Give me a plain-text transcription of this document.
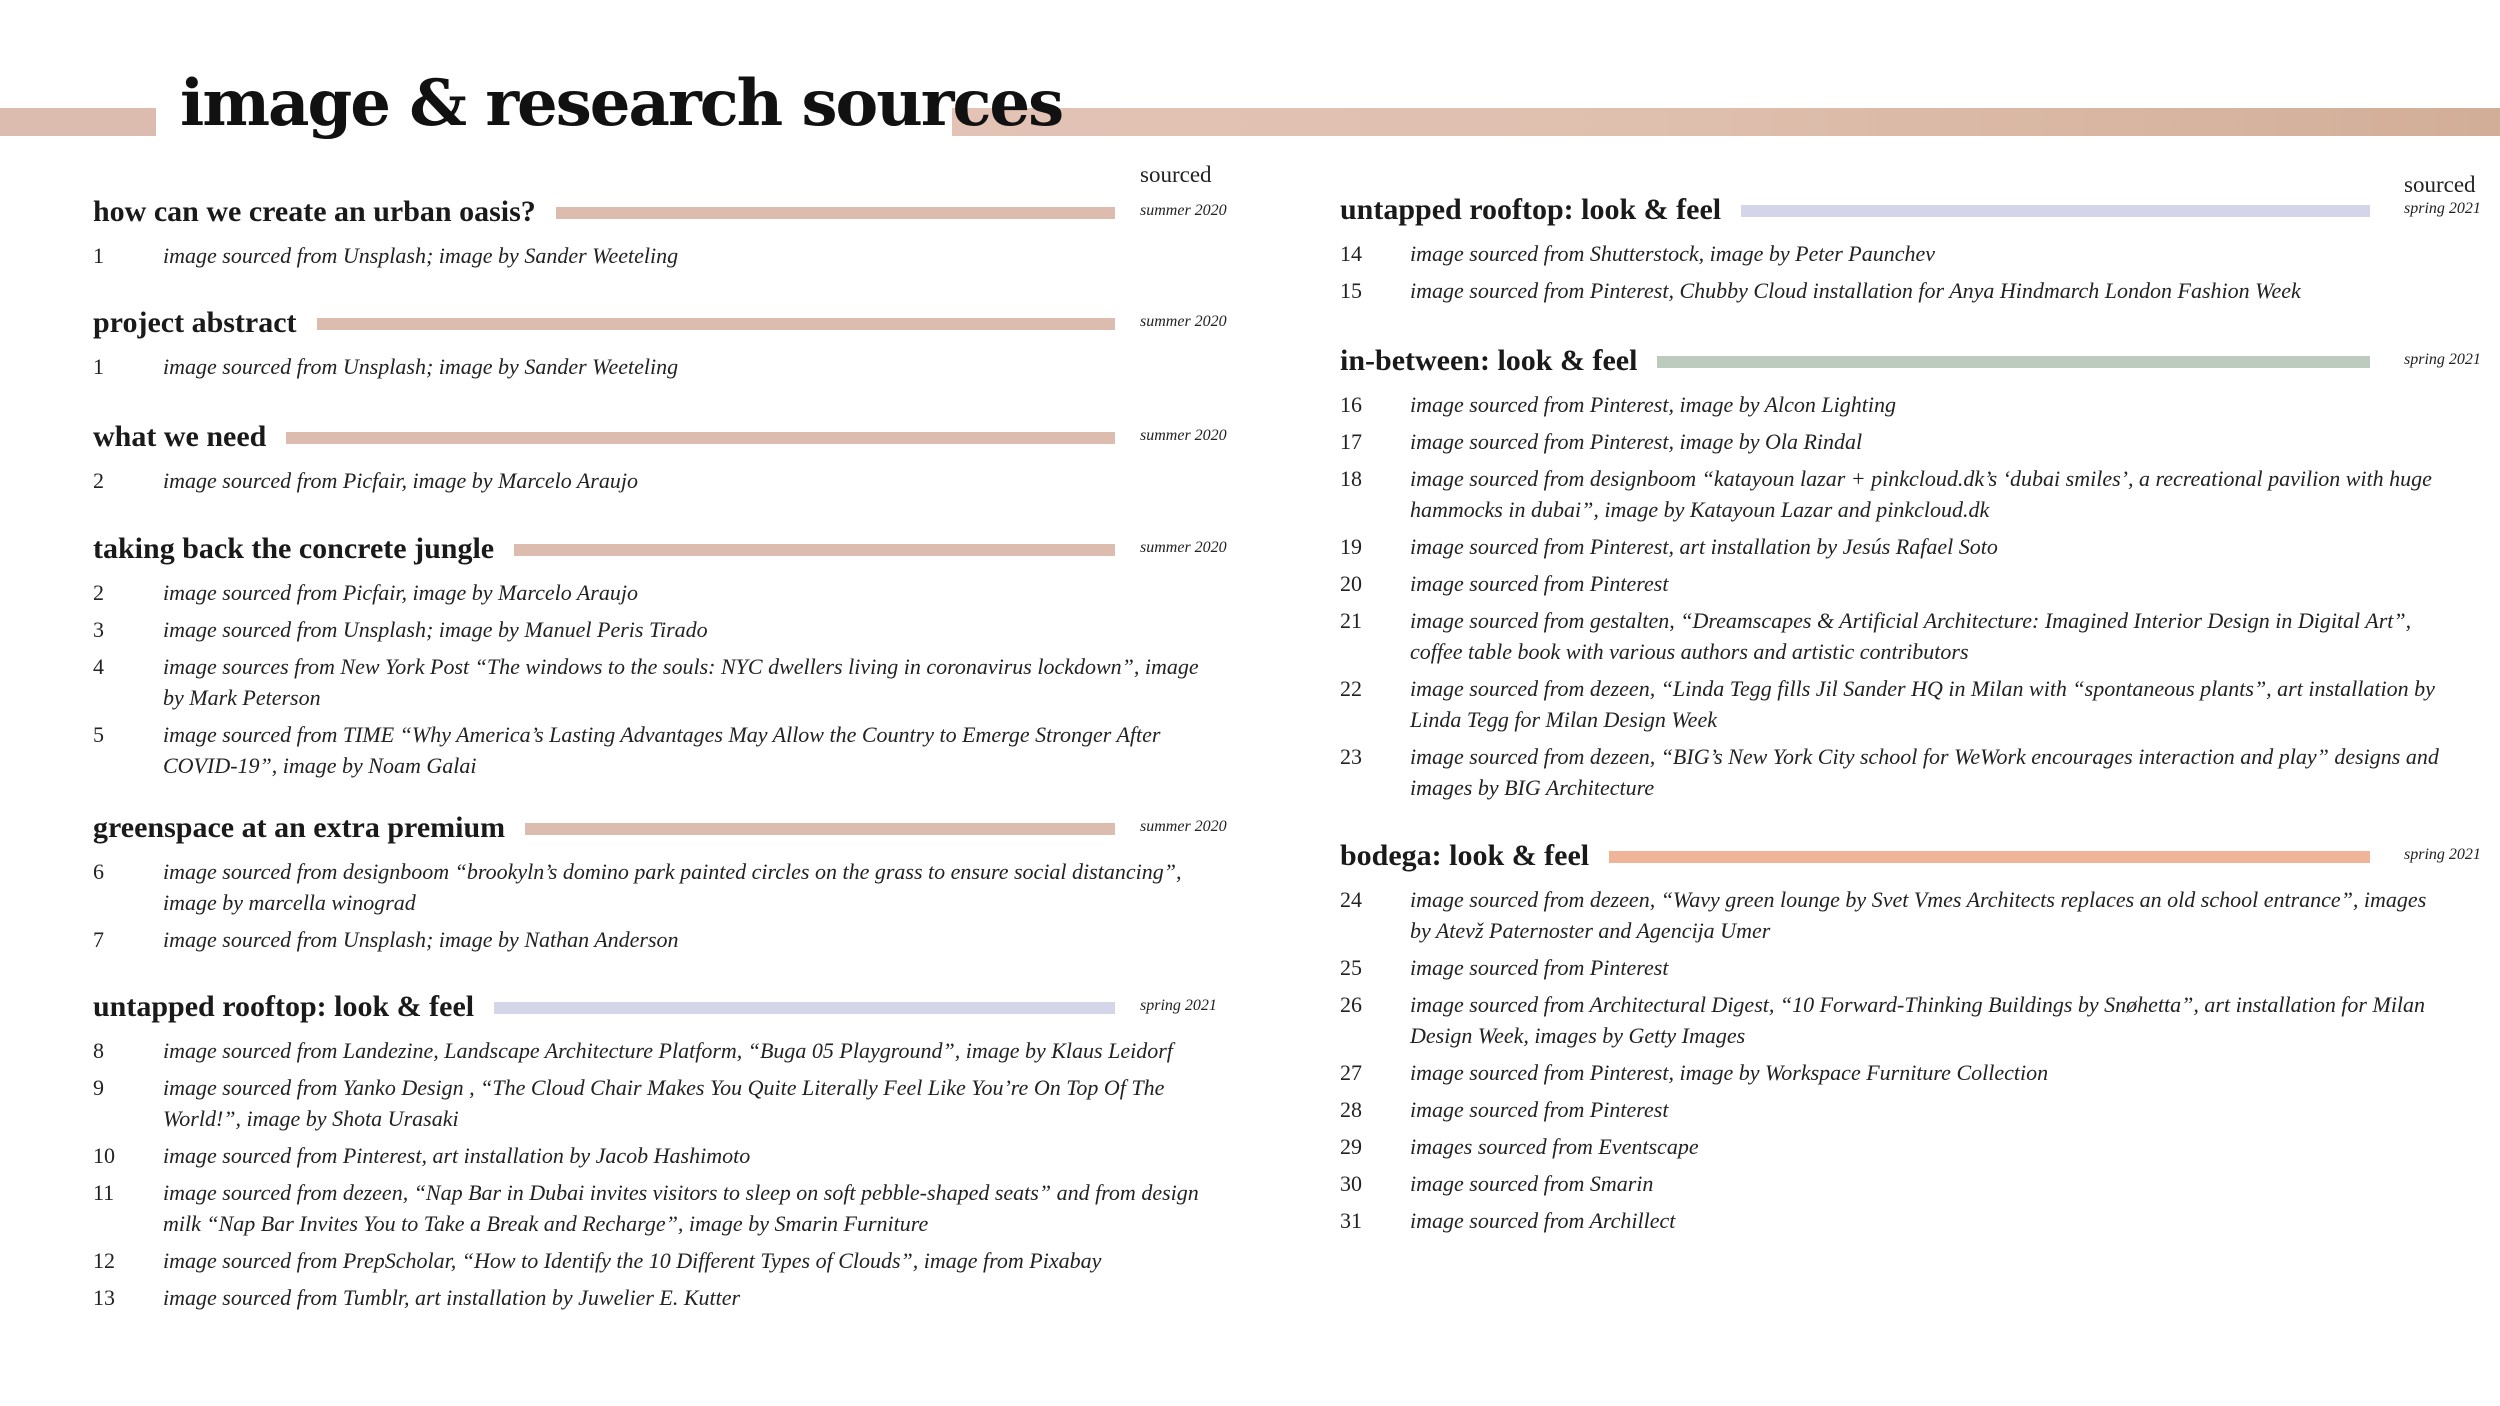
image & research sources
sourced	sourced
how can we create an urban oasis?	summer 2020
1	image sourced from Unsplash; image by Sander Weeteling
project abstract	summer 2020
1	image sourced from Unsplash; image by Sander Weeteling
what we need	summer 2020
2	image sourced from Picfair, image by Marcelo Araujo
taking back the concrete jungle	summer 2020
2	image sourced from Picfair, image by Marcelo Araujo
3	image sourced from Unsplash; image by Manuel Peris Tirado
4	image sources from New York Post “The windows to the souls: NYC dwellers living in coronavirus lockdown”, image by Mark Peterson
5	image sourced from TIME “Why America’s Lasting Advantages May Allow the Country to Emerge Stronger After COVID-19”, image by Noam Galai
greenspace at an extra premium	summer 2020
6	image sourced from designboom “brookyln’s domino park painted circles on the grass to ensure social distancing”, image by marcella winograd
7	image sourced from Unsplash; image by Nathan Anderson
untapped rooftop: look & feel	spring 2021
8	image sourced from Landezine, Landscape Architecture Platform, “Buga 05 Playground”, image by Klaus Leidorf
9	image sourced from Yanko Design , “The Cloud Chair Makes You Quite Literally Feel Like You’re On Top Of The World!”, image by Shota Urasaki
10	image sourced from Pinterest, art installation by Jacob Hashimoto
11	image sourced from dezeen, “Nap Bar in Dubai invites visitors to sleep on soft pebble-shaped seats” and from design milk “Nap Bar Invites You to Take a Break and Recharge”, image by Smarin Furniture
12	image sourced from PrepScholar, “How to Identify the 10 Different Types of Clouds”, image from Pixabay
13	image sourced from Tumblr, art installation by Juwelier E. Kutter
untapped rooftop: look & feel	spring 2021
14	image sourced from Shutterstock, image by Peter Paunchev
15	image sourced from Pinterest, Chubby Cloud installation for Anya Hindmarch London Fashion Week
in-between: look & feel	spring 2021
16	image sourced from Pinterest, image by Alcon Lighting
17	image sourced from Pinterest, image by Ola Rindal
18	image sourced from designboom “katayoun lazar + pinkcloud.dk’s ‘dubai smiles’, a recreational pavilion with huge hammocks in dubai”, image by Katayoun Lazar and pinkcloud.dk
19	image sourced from Pinterest, art installation by Jesús Rafael Soto
20	image sourced from Pinterest
21	image sourced from gestalten, “Dreamscapes & Artificial Architecture: Imagined Interior Design in Digital Art”, coffee table book with various authors and artistic contributors
22	image sourced from dezeen, “Linda Tegg fills Jil Sander HQ in Milan with “spontaneous plants”, art installation by Linda Tegg for Milan Design Week
23	image sourced from dezeen, “BIG’s New York City school for WeWork encourages interaction and play” designs and images by BIG Architecture
bodega: look & feel	spring 2021
24	image sourced from dezeen, “Wavy green lounge by Svet Vmes Architects replaces an old school entrance”, images by Atevž Paternoster and Agencija Umer
25	image sourced from Pinterest
26	image sourced from Architectural Digest, “10 Forward-Thinking Buildings by Snøhetta”, art installation for Milan Design Week, images by Getty Images
27	image sourced from Pinterest, image by Workspace Furniture Collection
28	image sourced from Pinterest
29	images sourced from Eventscape
30	image sourced from Smarin
31	image sourced from Archillect
